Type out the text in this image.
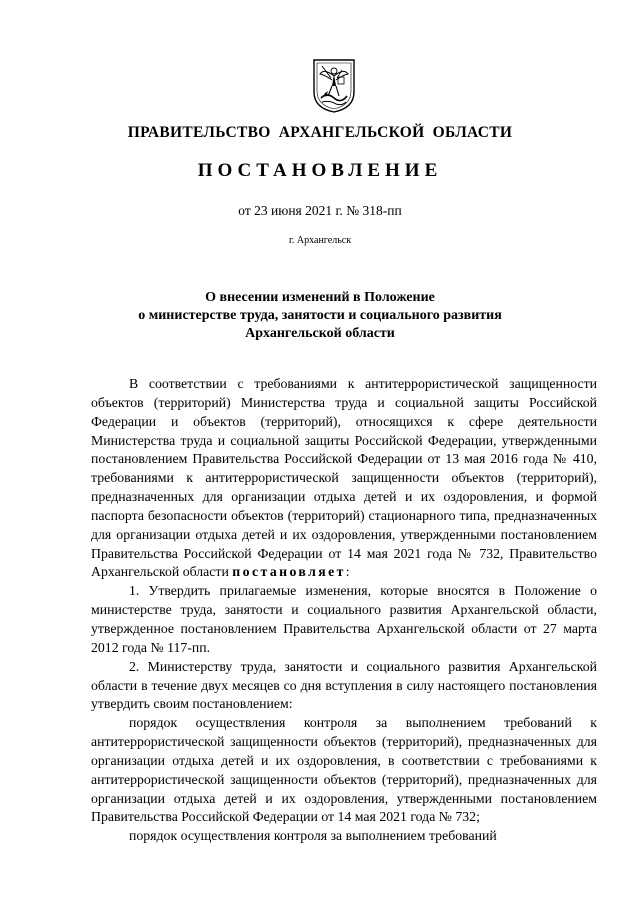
ПРАВИТЕЛЬСТВО АРХАНГЕЛЬСКОЙ ОБЛАСТИ
ПОСТАНОВЛЕНИЕ
от 23 июня 2021 г. № 318-пп
г. Архангельск
О внесении изменений в Положение
о министерстве труда, занятости и социального развития
Архангельской области

В соответствии с требованиями к антитеррористической защищенности объектов (территорий) Министерства труда и социальной защиты Российской Федерации и объектов (территорий), относящихся к сфере деятельности Министерства труда и социальной защиты Российской Федерации, утвержденными постановлением Правительства Российской Федерации от 13 мая 2016 года № 410, требованиями к антитеррористической защищенности объектов (территорий), предназначенных для организации отдыха детей и их оздоровления, и формой паспорта безопасности объектов (территорий) стационарного типа, предназначенных для организации отдыха детей и их оздоровления, утвержденными постановлением Правительства Российской Федерации от 14 мая 2021 года № 732, Правительство Архангельской области постановляет:

1. Утвердить прилагаемые изменения, которые вносятся в Положение о министерстве труда, занятости и социального развития Архангельской области, утвержденное постановлением Правительства Архангельской области от 27 марта 2012 года № 117-пп.

2. Министерству труда, занятости и социального развития Архангельской области в течение двух месяцев со дня вступления в силу настоящего постановления утвердить своим постановлением:

порядок осуществления контроля за выполнением требований к антитеррористической защищенности объектов (территорий), предназначенных для организации отдыха детей и их оздоровления, в соответствии с требованиями к антитеррористической защищенности объектов (территорий), предназначенных для организации отдыха детей и их оздоровления, утвержденными постановлением Правительства Российской Федерации от 14 мая 2021 года № 732;

порядок осуществления контроля за выполнением требований
